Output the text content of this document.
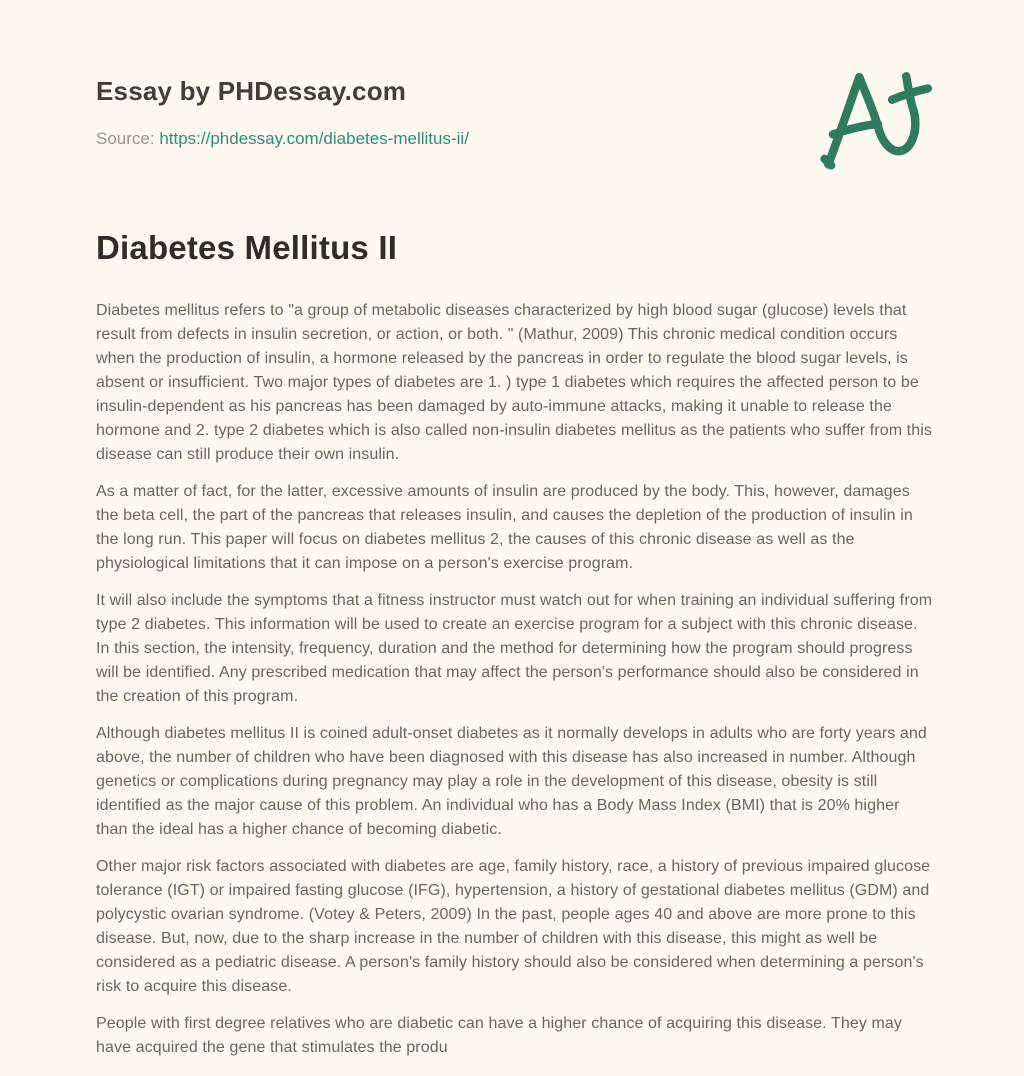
Essay by PHDessay.com
Source: https://phdessay.com/diabetes-mellitus-ii/
Diabetes Mellitus II

Diabetes mellitus refers to "a group of metabolic diseases characterized by high blood sugar (glucose) levels that result from defects in insulin secretion, or action, or both. " (Mathur, 2009) This chronic medical condition occurs when the production of insulin, a hormone released by the pancreas in order to regulate the blood sugar levels, is absent or insufficient. Two major types of diabetes are 1. ) type 1 diabetes which requires the affected person to be insulin-dependent as his pancreas has been damaged by auto-immune attacks, making it unable to release the hormone and 2. type 2 diabetes which is also called non-insulin diabetes mellitus as the patients who suffer from this disease can still produce their own insulin.

As a matter of fact, for the latter, excessive amounts of insulin are produced by the body. This, however, damages the beta cell, the part of the pancreas that releases insulin, and causes the depletion of the production of insulin in the long run. This paper will focus on diabetes mellitus 2, the causes of this chronic disease as well as the physiological limitations that it can impose on a person's exercise program.

It will also include the symptoms that a fitness instructor must watch out for when training an individual suffering from type 2 diabetes. This information will be used to create an exercise program for a subject with this chronic disease. In this section, the intensity, frequency, duration and the method for determining how the program should progress will be identified. Any prescribed medication that may affect the person's performance should also be considered in the creation of this program.

Although diabetes mellitus II is coined adult-onset diabetes as it normally develops in adults who are forty years and above, the number of children who have been diagnosed with this disease has also increased in number. Although genetics or complications during pregnancy may play a role in the development of this disease, obesity is still identified as the major cause of this problem. An individual who has a Body Mass Index (BMI) that is 20% higher than the ideal has a higher chance of becoming diabetic.

Other major risk factors associated with diabetes are age, family history, race, a history of previous impaired glucose tolerance (IGT) or impaired fasting glucose (IFG), hypertension, a history of gestational diabetes mellitus (GDM) and polycystic ovarian syndrome. (Votey & Peters, 2009) In the past, people ages 40 and above are more prone to this disease. But, now, due to the sharp increase in the number of children with this disease, this might as well be considered as a pediatric disease. A person's family history should also be considered when determining a person's risk to acquire this disease.

People with first degree relatives who are diabetic can have a higher chance of acquiring this disease. They may have acquired the gene that stimulates the produ
